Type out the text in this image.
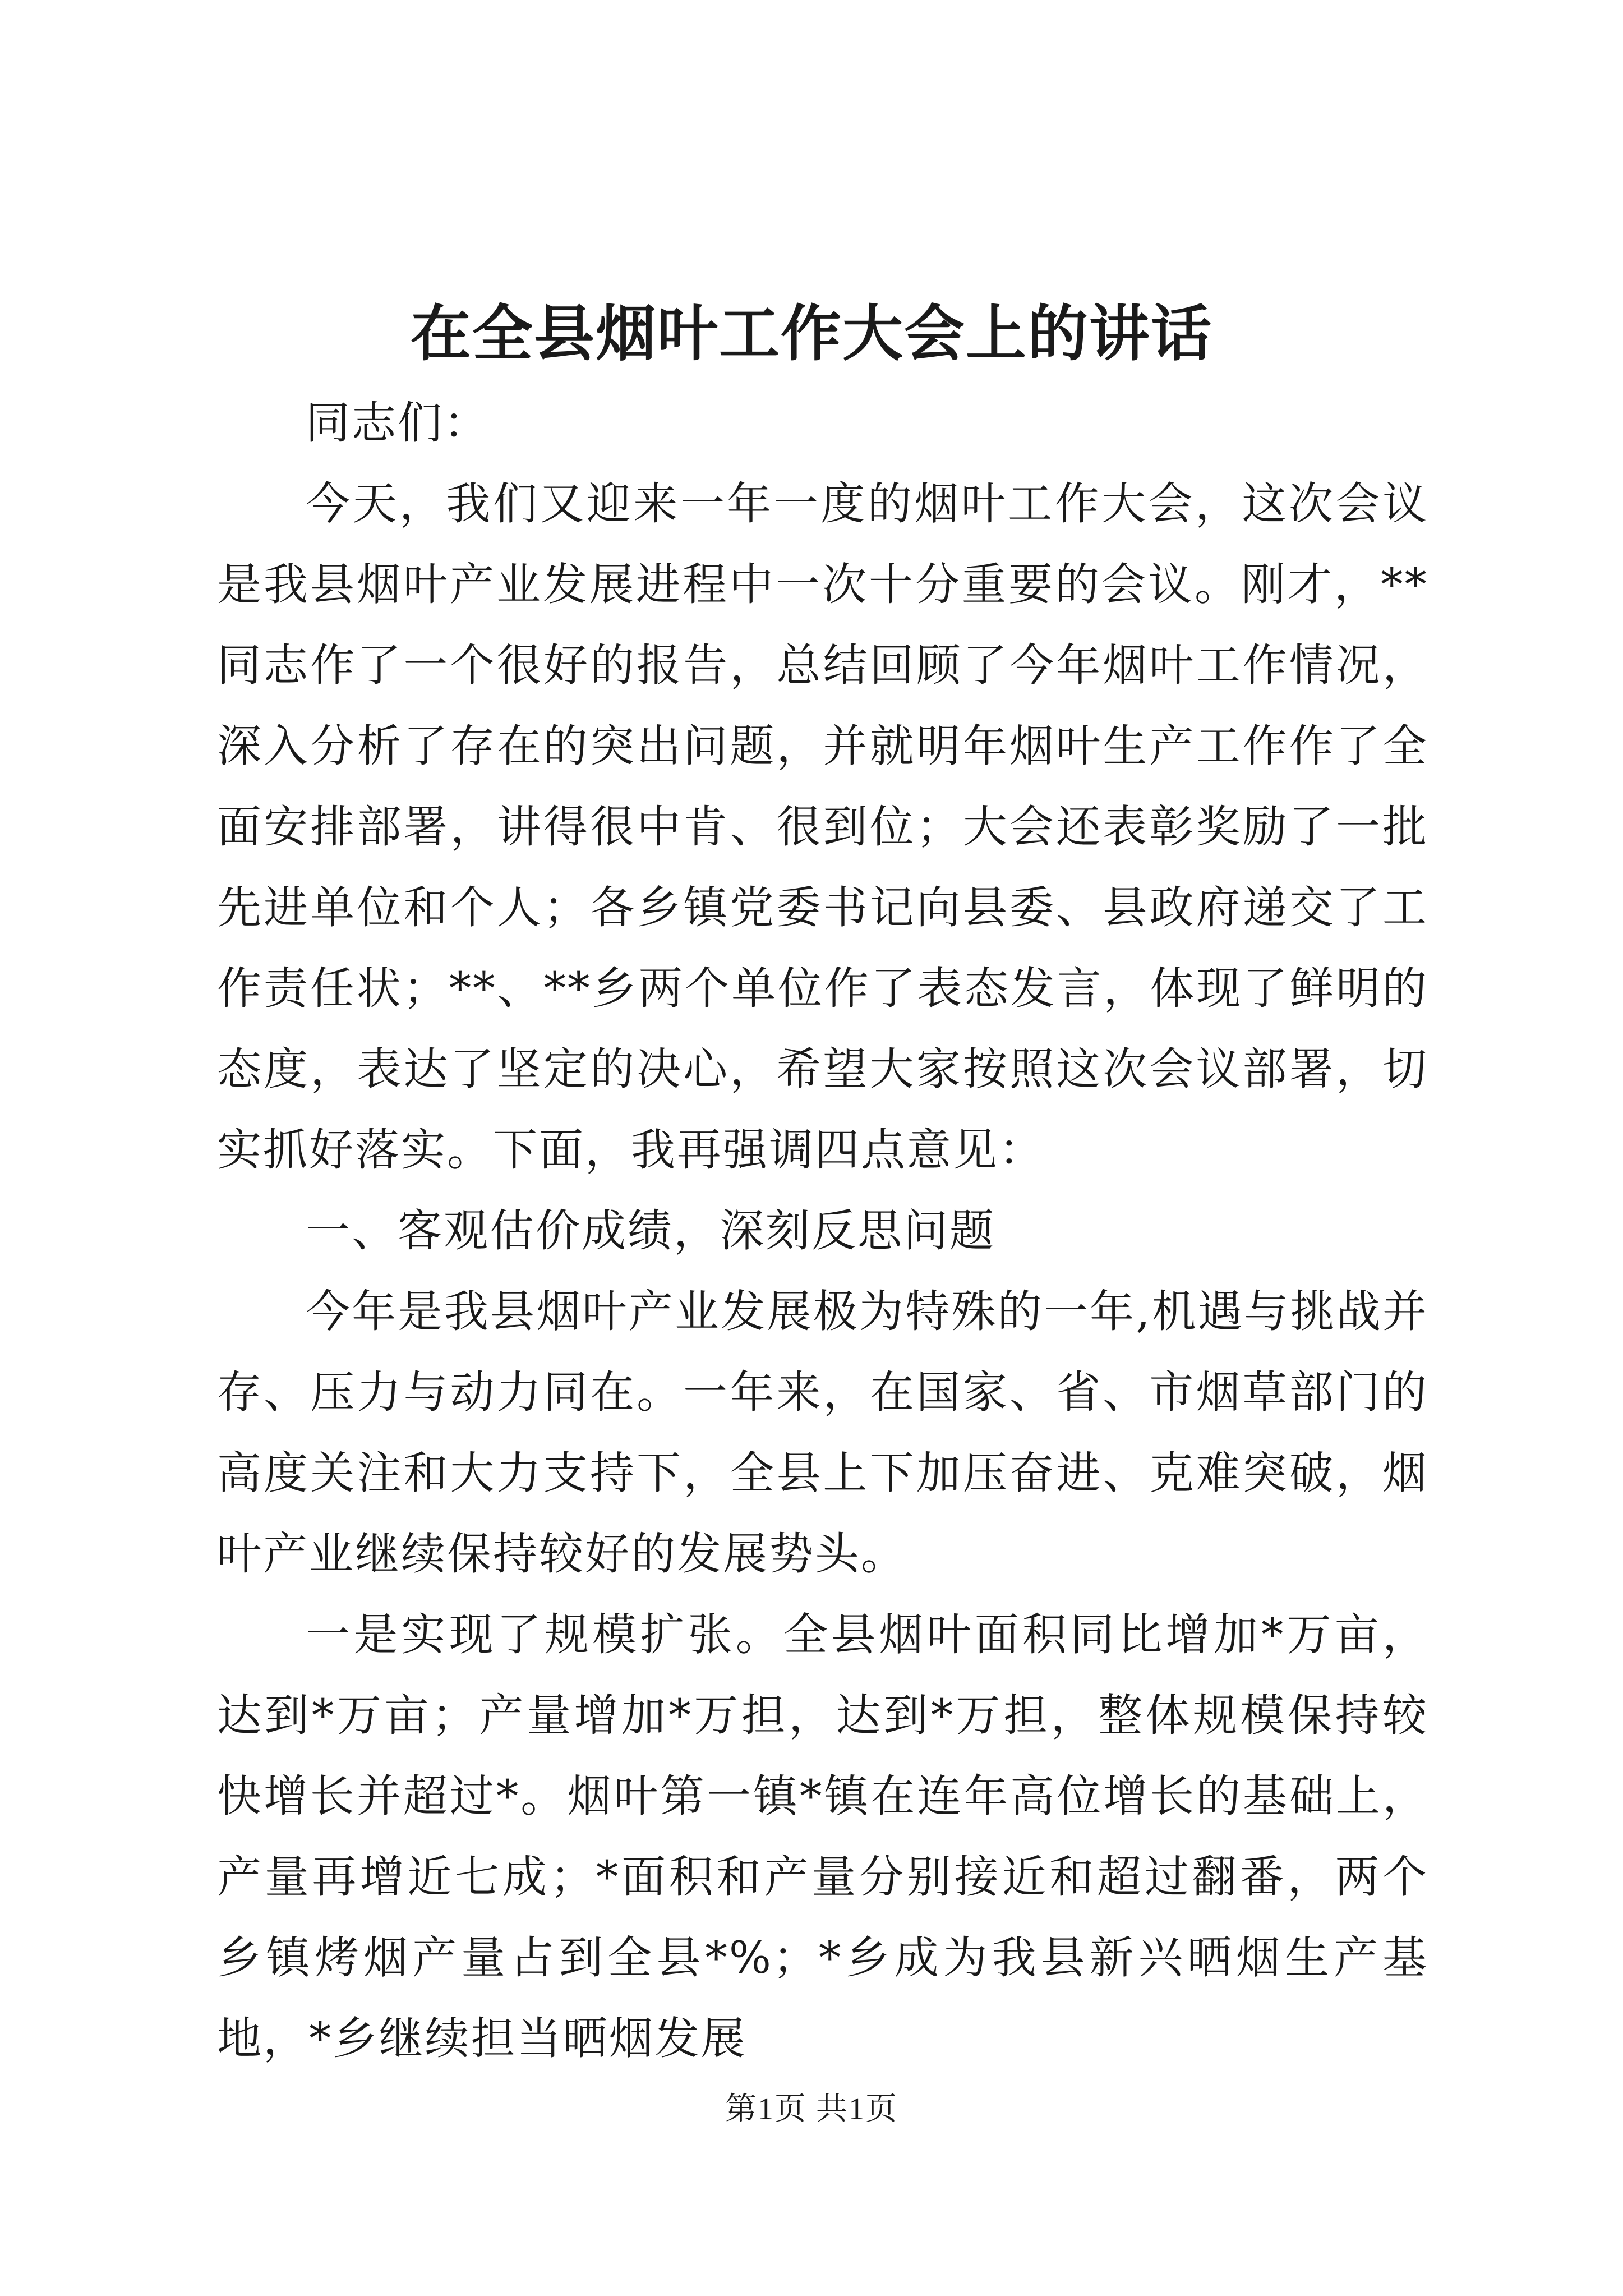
在全县烟叶工作大会上的讲话

同志们：

今天，我们又迎来一年一度的烟叶工作大会，这次会议是我县烟叶产业发展进程中一次十分重要的会议。刚才，**同志作了一个很好的报告，总结回顾了今年烟叶工作情况，深入分析了存在的突出问题，并就明年烟叶生产工作作了全面安排部署，讲得很中肯、很到位；大会还表彰奖励了一批先进单位和个人；各乡镇党委书记向县委、县政府递交了工作责任状；**、**乡两个单位作了表态发言，体现了鲜明的态度，表达了坚定的决心，希望大家按照这次会议部署，切实抓好落实。下面，我再强调四点意见：

一、客观估价成绩，深刻反思问题

今年是我县烟叶产业发展极为特殊的一年,机遇与挑战并存、压力与动力同在。一年来，在国家、省、市烟草部门的高度关注和大力支持下，全县上下加压奋进、克难突破，烟叶产业继续保持较好的发展势头。

一是实现了规模扩张。全县烟叶面积同比增加*万亩，达到*万亩；产量增加*万担，达到*万担，整体规模保持较快增长并超过*。烟叶第一镇*镇在连年高位增长的基础上，产量再增近七成；*面积和产量分别接近和超过翻番，两个乡镇烤烟产量占到全县*%；*乡成为我县新兴晒烟生产基地，*乡继续担当晒烟发展

第1页 共1页
